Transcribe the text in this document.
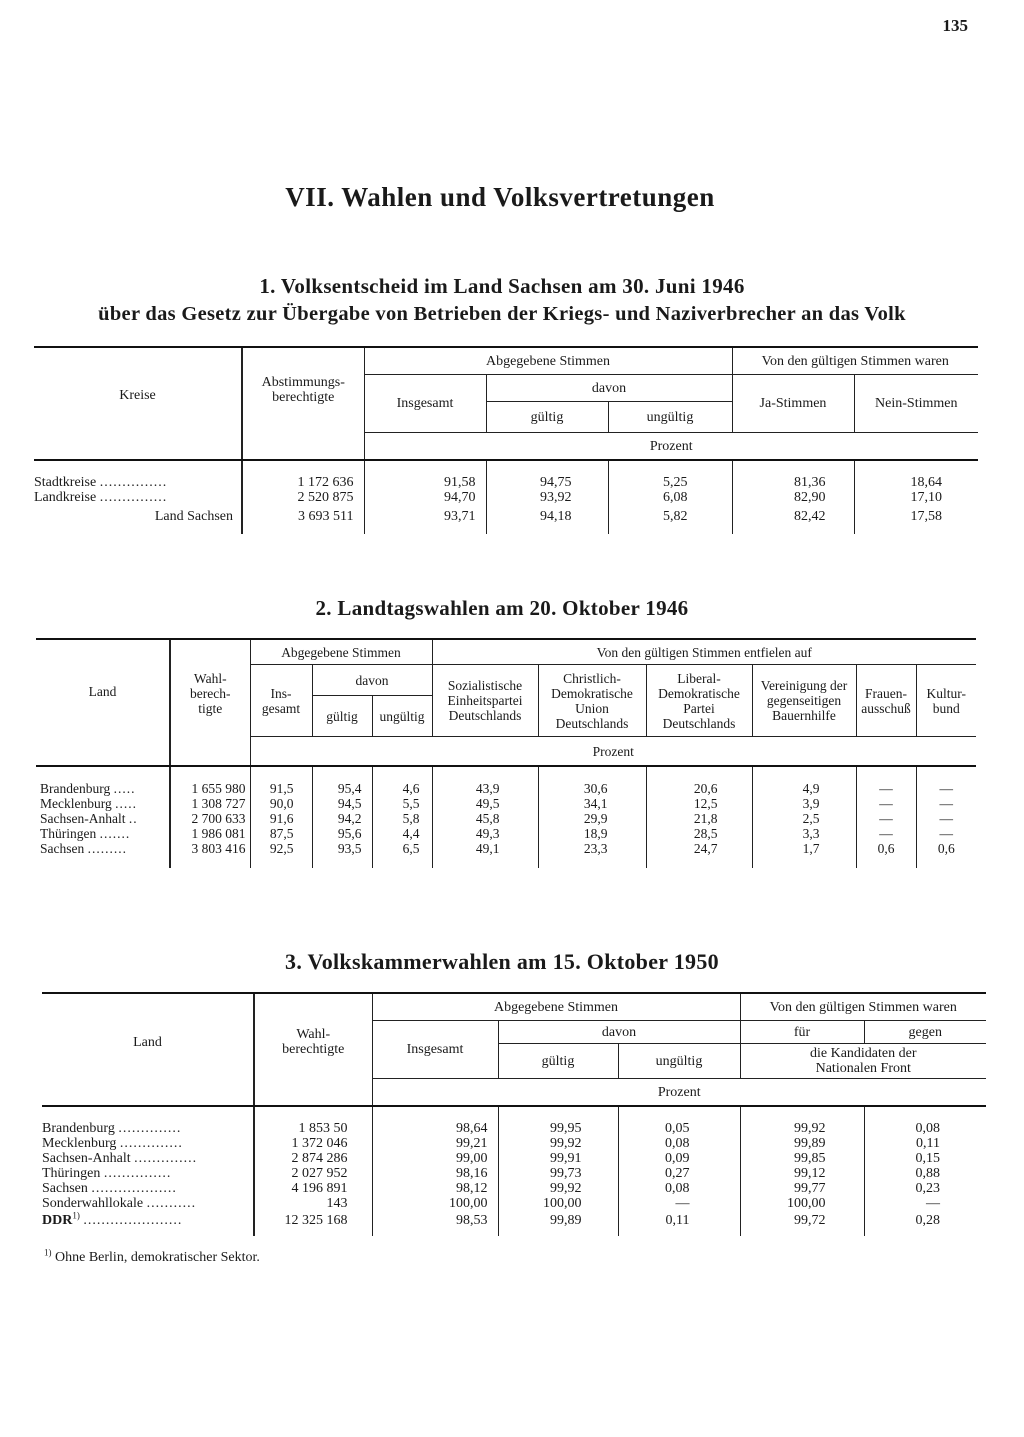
135
VII. Wahlen und Volksvertretungen
1. Volksentscheid im Land Sachsen am 30. Juni 1946
über das Gesetz zur Übergabe von Betrieben der Kriegs- und Naziverbrecher an das Volk
Kreise	Abstimmungs- berechtigte	Abgegebene Stimmen			Von den gültigen Stimmen waren	
		Insgesamt	davon		Ja-Stimmen	Nein-Stimmen
			gültig	ungültig		
		Prozent				
Stadtkreise ...............	1 172 636	91,58	94,75	5,25	81,36	18,64
Landkreise ...............	2 520 875	94,70	93,92	6,08	82,90	17,10
Land Sachsen	3 693 511	93,71	94,18	5,82	82,42	17,58
2. Landtagswahlen am 20. Oktober 1946
Land	Wahl- berech- tigte	Abgegebene Stimmen			Von den gültigen Stimmen entfielen auf					
		Ins- gesamt	davon		Sozialistische Einheitspartei Deutschlands	Christlich- Demokratische Union Deutschlands	Liberal- Demokratische Partei Deutschlands	Vereinigung der gegenseitigen Bauernhilfe	Frauen- ausschuß	Kultur- bund
			gültig	ungültig						
		Prozent								
Brandenburg .....	1 655 980	91,5	95,4	4,6	43,9	30,6	20,6	4,9	—	—
Mecklenburg .....	1 308 727	90,0	94,5	5,5	49,5	34,1	12,5	3,9	—	—
Sachsen-Anhalt ..	2 700 633	91,6	94,2	5,8	45,8	29,9	21,8	2,5	—	—
Thüringen .......	1 986 081	87,5	95,6	4,4	49,3	18,9	28,5	3,3	—	—
Sachsen .........	3 803 416	92,5	93,5	6,5	49,1	23,3	24,7	1,7	0,6	0,6
3. Volkskammerwahlen am 15. Oktober 1950
Land	Wahl- berechtigte	Abgegebene Stimmen			Von den gültigen Stimmen waren	
		Insgesamt	davon		für	gegen
			gültig	ungültig	die Kandidaten der Nationalen Front	
		Prozent				
Brandenburg ..............	1 853 50	98,64	99,95	0,05	99,92	0,08
Mecklenburg ..............	1 372 046	99,21	99,92	0,08	99,89	0,11
Sachsen-Anhalt ..............	2 874 286	99,00	99,91	0,09	99,85	0,15
Thüringen ...............	2 027 952	98,16	99,73	0,27	99,12	0,88
Sachsen ...................	4 196 891	98,12	99,92	0,08	99,77	0,23
Sonderwahllokale ...........	143	100,00	100,00	—	100,00	—
DDR$^{1)}$ ......................	12 325 168	98,53	99,89	0,11	99,72	0,28
$^{1)}$ Ohne Berlin, demokratischer Sektor.
